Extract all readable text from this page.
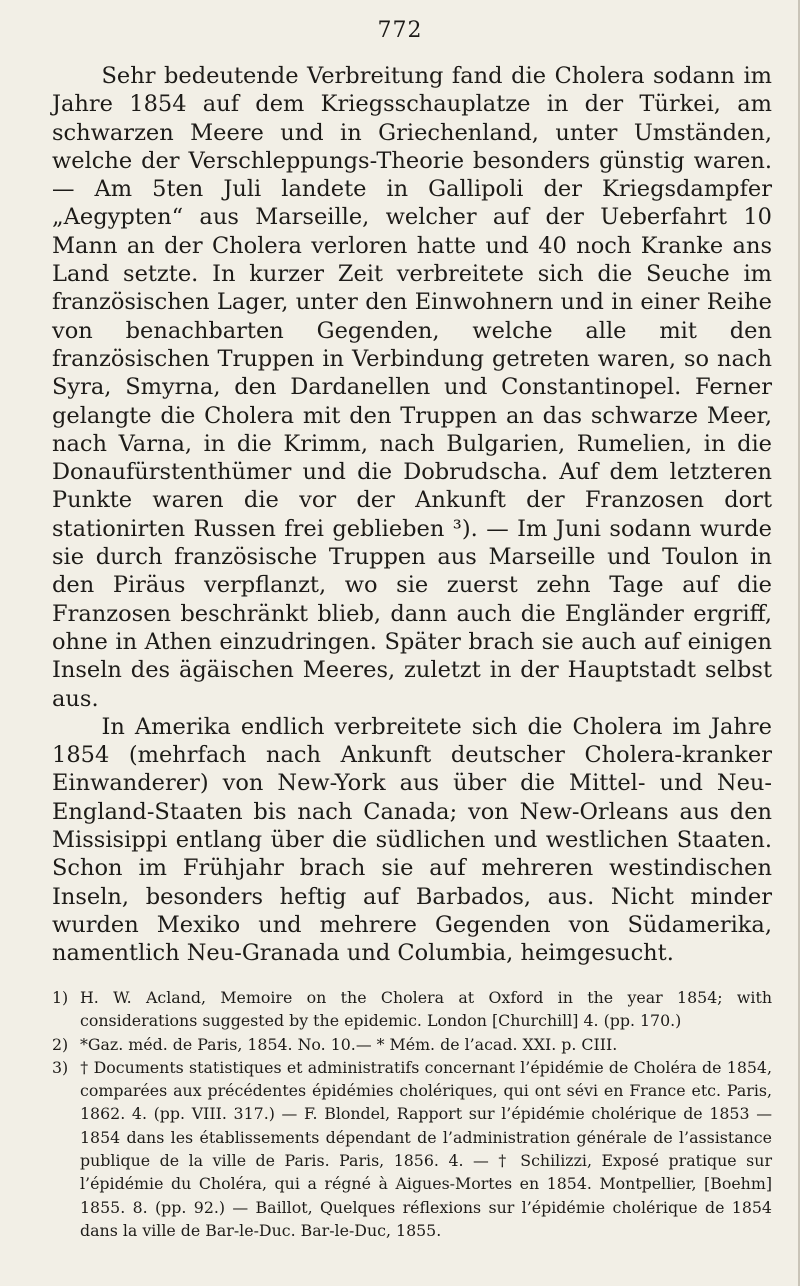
772

Sehr bedeutende Verbreitung fand die Cholera sodann im Jahre 1854 auf dem Kriegsschauplatze in der Türkei, am schwarzen Meere und in Griechenland, unter Umständen, welche der Verschleppungs-Theorie besonders günstig waren. — Am 5ten Juli landete in Gallipoli der Kriegsdampfer „Aegypten“ aus Marseille, welcher auf der Ueberfahrt 10 Mann an der Cholera verloren hatte und 40 noch Kranke ans Land setzte. In kurzer Zeit verbreitete sich die Seuche im französischen Lager, unter den Einwohnern und in einer Reihe von benachbarten Gegenden, welche alle mit den französischen Truppen in Verbindung getreten waren, so nach Syra, Smyrna, den Dardanellen und Constantinopel. Ferner gelangte die Cholera mit den Truppen an das schwarze Meer, nach Varna, in die Krimm, nach Bulgarien, Rumelien, in die Donaufürstenthümer und die Dobrudscha. Auf dem letzteren Punkte waren die vor der Ankunft der Franzosen dort stationirten Russen frei geblieben ³). — Im Juni sodann wurde sie durch französische Truppen aus Marseille und Toulon in den Piräus verpflanzt, wo sie zuerst zehn Tage auf die Franzosen beschränkt blieb, dann auch die Engländer ergriff, ohne in Athen einzudringen. Später brach sie auch auf einigen Inseln des ägäischen Meeres, zuletzt in der Hauptstadt selbst aus.

In Amerika endlich verbreitete sich die Cholera im Jahre 1854 (mehrfach nach Ankunft deutscher Cholera-kranker Einwanderer) von New-York aus über die Mittel- und Neu-England-Staaten bis nach Canada; von New-Orleans aus den Missisippi entlang über die südlichen und westlichen Staaten. Schon im Frühjahr brach sie auf mehreren westindischen Inseln, besonders heftig auf Barbados, aus. Nicht minder wurden Mexiko und mehrere Gegenden von Südamerika, namentlich Neu-Granada und Columbia, heimgesucht.

1) H. W. Acland, Memoire on the Cholera at Oxford in the year 1854; with considerations suggested by the epidemic. London [Churchill] 4. (pp. 170.)

2) *Gaz. méd. de Paris, 1854. No. 10.— * Mém. de l’acad. XXI. p. CIII.

3) † Documents statistiques et administratifs concernant l’épidémie de Choléra de 1854, comparées aux précédentes épidémies cholériques, qui ont sévi en France etc. Paris, 1862. 4. (pp. VIII. 317.) — F. Blondel, Rapport sur l’épidémie cholérique de 1853 — 1854 dans les établissements dépendant de l’administration générale de l’assistance publique de la ville de Paris. Paris, 1856. 4. — † Schilizzi, Exposé pratique sur l’épidémie du Choléra, qui a régné à Aigues-Mortes en 1854. Montpellier, [Boehm] 1855. 8. (pp. 92.) — Baillot, Quelques réflexions sur l’épidémie cholérique de 1854 dans la ville de Bar-le-Duc. Bar-le-Duc, 1855.
